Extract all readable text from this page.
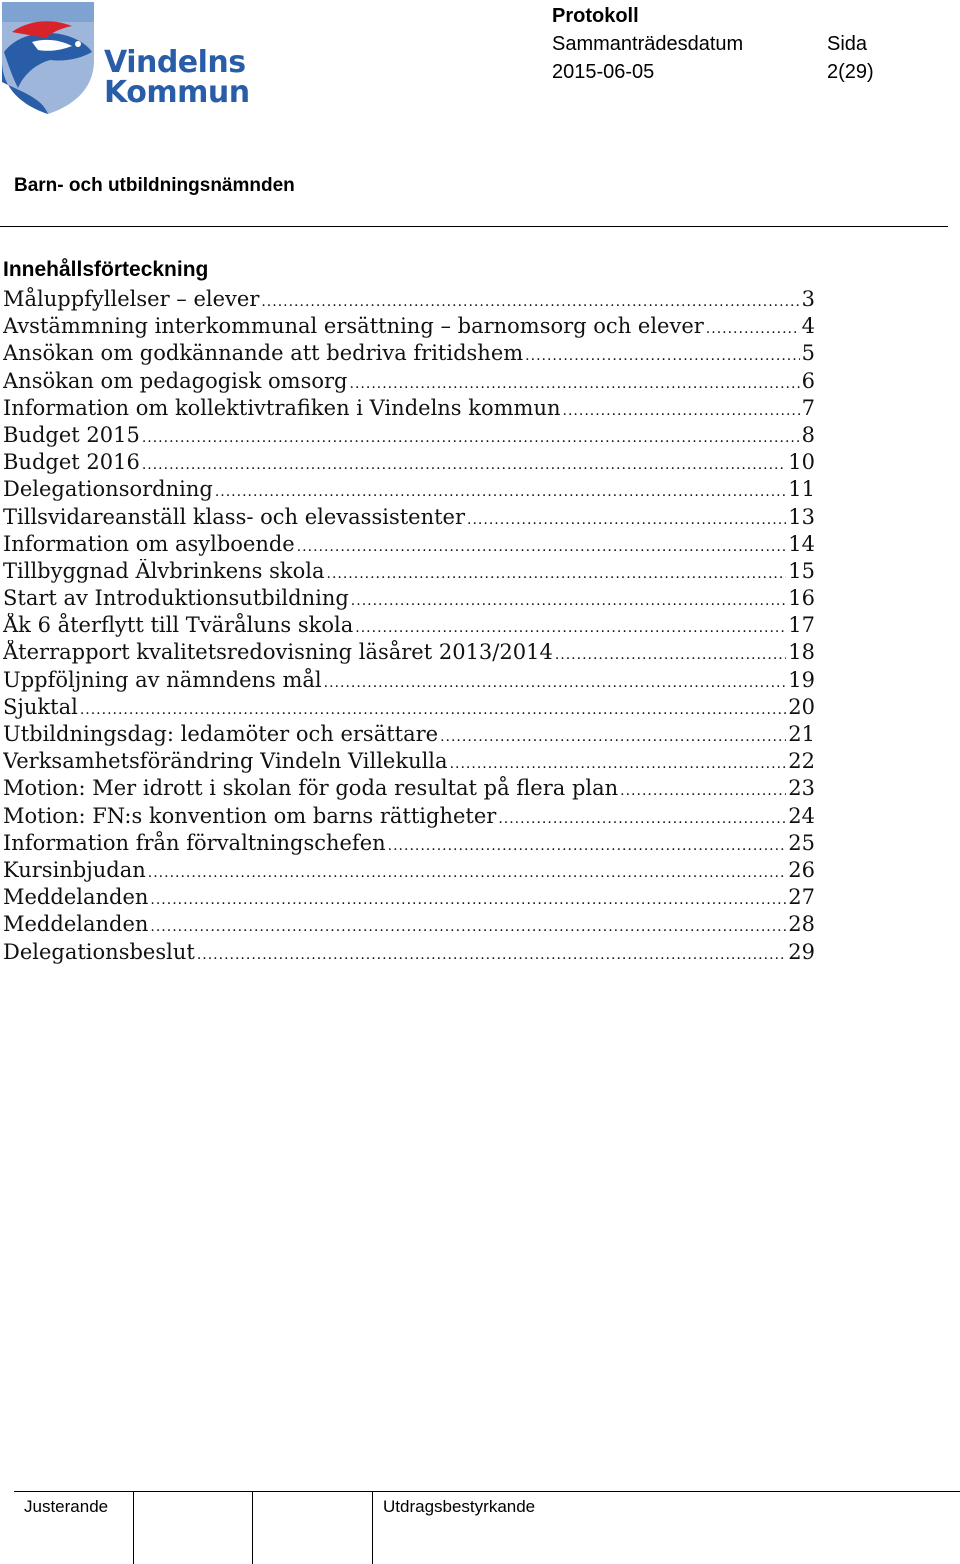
Vindelns
Kommun
Protokoll
Sammanträdesdatum	Sida
2015-06-05	2(29)
Barn- och utbildningsnämnden
Innehållsförteckning
Måluppfyllelser – elever .....	3
Avstämmning interkommunal ersättning – barnomsorg och elever .....	4
Ansökan om godkännande att bedriva fritidshem .....	5
Ansökan om pedagogisk omsorg .....	6
Information om kollektivtrafiken i Vindelns kommun .....	7
Budget 2015 .....	8
Budget 2016 .....	10
Delegationsordning .....	11
Tillsvidareanställ klass- och elevassistenter .....	13
Information om asylboende .....	14
Tillbyggnad Älvbrinkens skola .....	15
Start av Introduktionsutbildning .....	16
Åk 6 återflytt till Tväråluns skola .....	17
Återrapport kvalitetsredovisning läsåret 2013/2014 .....	18
Uppföljning av nämndens mål .....	19
Sjuktal .....	20
Utbildningsdag: ledamöter och ersättare .....	21
Verksamhetsförändring Vindeln Villekulla .....	22
Motion: Mer idrott i skolan för goda resultat på flera plan .....	23
Motion: FN:s konvention om barns rättigheter .....	24
Information från förvaltningschefen .....	25
Kursinbjudan .....	26
Meddelanden .....	27
Meddelanden .....	28
Delegationsbeslut .....	29
Justerande	Utdragsbestyrkande
